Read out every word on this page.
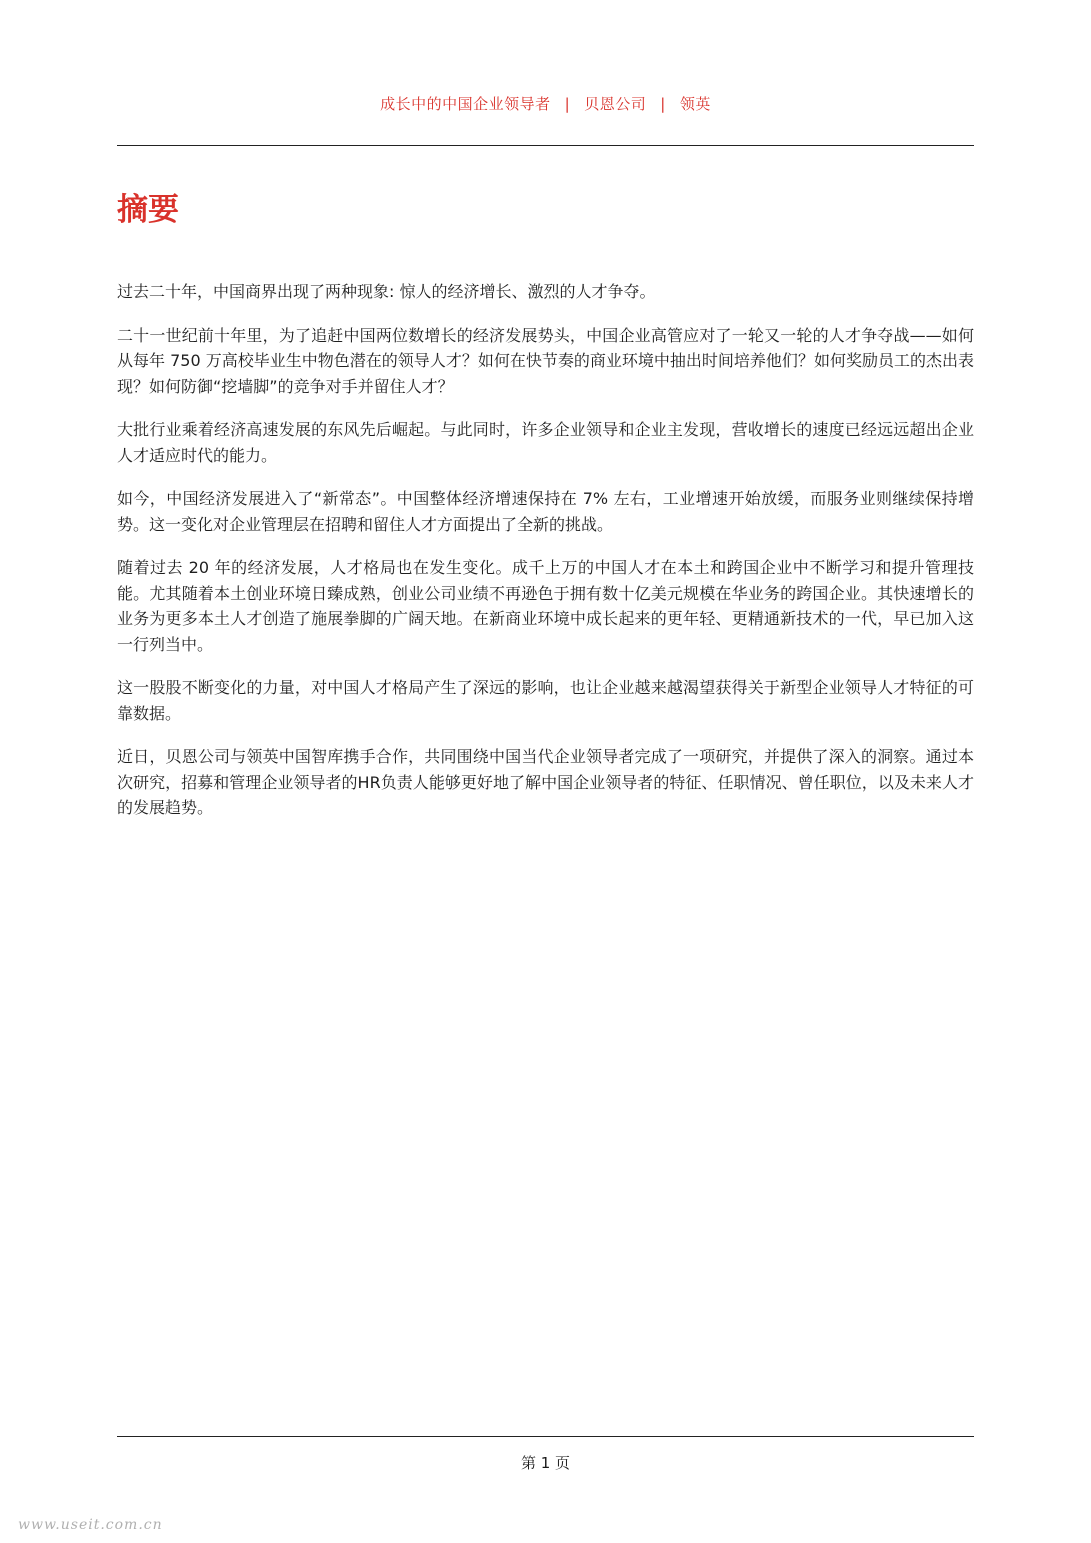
成长中的中国企业领导者 | 贝恩公司 | 领英
摘要

过去二十年，中国商界出现了两种现象: 惊人的经济增长、激烈的人才争夺。

二十一世纪前十年里，为了追赶中国两位数增长的经济发展势头，中国企业高管应对了一轮又一轮的人才争夺战——如何从每年 750 万高校毕业生中物色潜在的领导人才？如何在快节奏的商业环境中抽出时间培养他们？如何奖励员工的杰出表现？如何防御“挖墙脚”的竞争对手并留住人才？

大批行业乘着经济高速发展的东风先后崛起。与此同时，许多企业领导和企业主发现，营收增长的速度已经远远超出企业人才适应时代的能力。

如今，中国经济发展进入了“新常态”。中国整体经济增速保持在 7% 左右，工业增速开始放缓，而服务业则继续保持增势。这一变化对企业管理层在招聘和留住人才方面提出了全新的挑战。

随着过去 20 年的经济发展，人才格局也在发生变化。成千上万的中国人才在本土和跨国企业中不断学习和提升管理技能。尤其随着本土创业环境日臻成熟，创业公司业绩不再逊色于拥有数十亿美元规模在华业务的跨国企业。其快速增长的业务为更多本土人才创造了施展拳脚的广阔天地。在新商业环境中成长起来的更年轻、更精通新技术的一代，早已加入这一行列当中。

这一股股不断变化的力量，对中国人才格局产生了深远的影响，也让企业越来越渴望获得关于新型企业领导人才特征的可靠数据。

近日，贝恩公司与领英中国智库携手合作，共同围绕中国当代企业领导者完成了一项研究，并提供了深入的洞察。通过本次研究，招募和管理企业领导者的HR负责人能够更好地了解中国企业领导者的特征、任职情况、曾任职位，以及未来人才的发展趋势。

第 1 页
www.useit.com.cn
